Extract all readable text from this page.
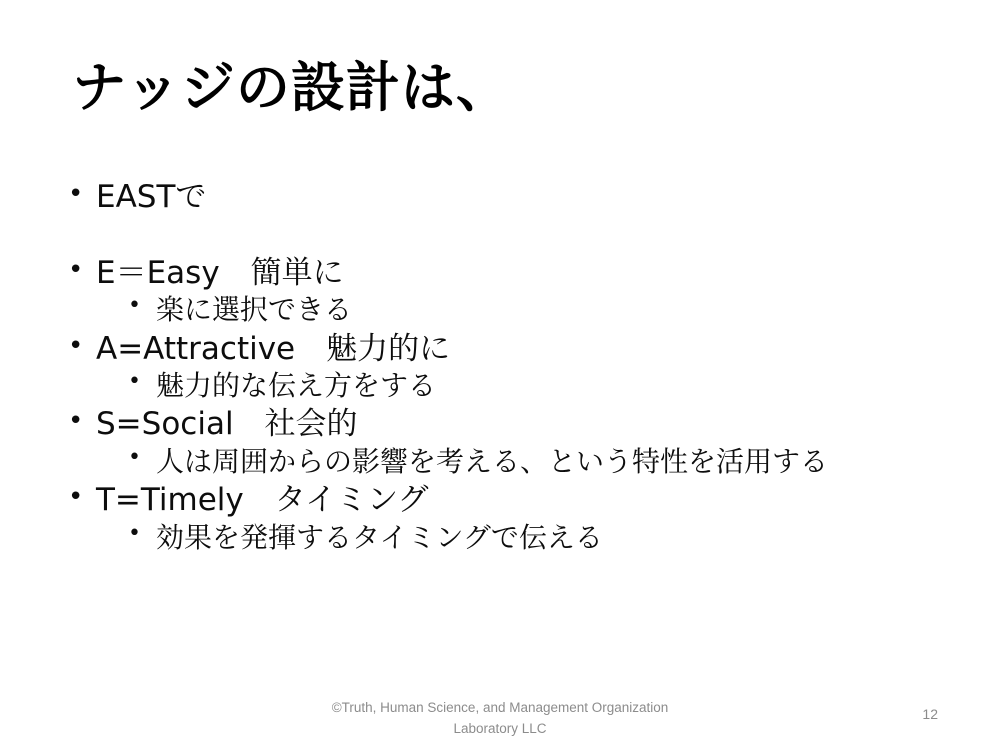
ナッジの設計は、
• EASTで
• E＝Easy　簡単に
• 楽に選択できる
• A=Attractive　魅力的に
• 魅力的な伝え方をする
• S=Social　社会的
• 人は周囲からの影響を考える、という特性を活用する
• T=Timely　タイミング
• 効果を発揮するタイミングで伝える
©Truth, Human Science, and Management Organization
Laboratory LLC
12
